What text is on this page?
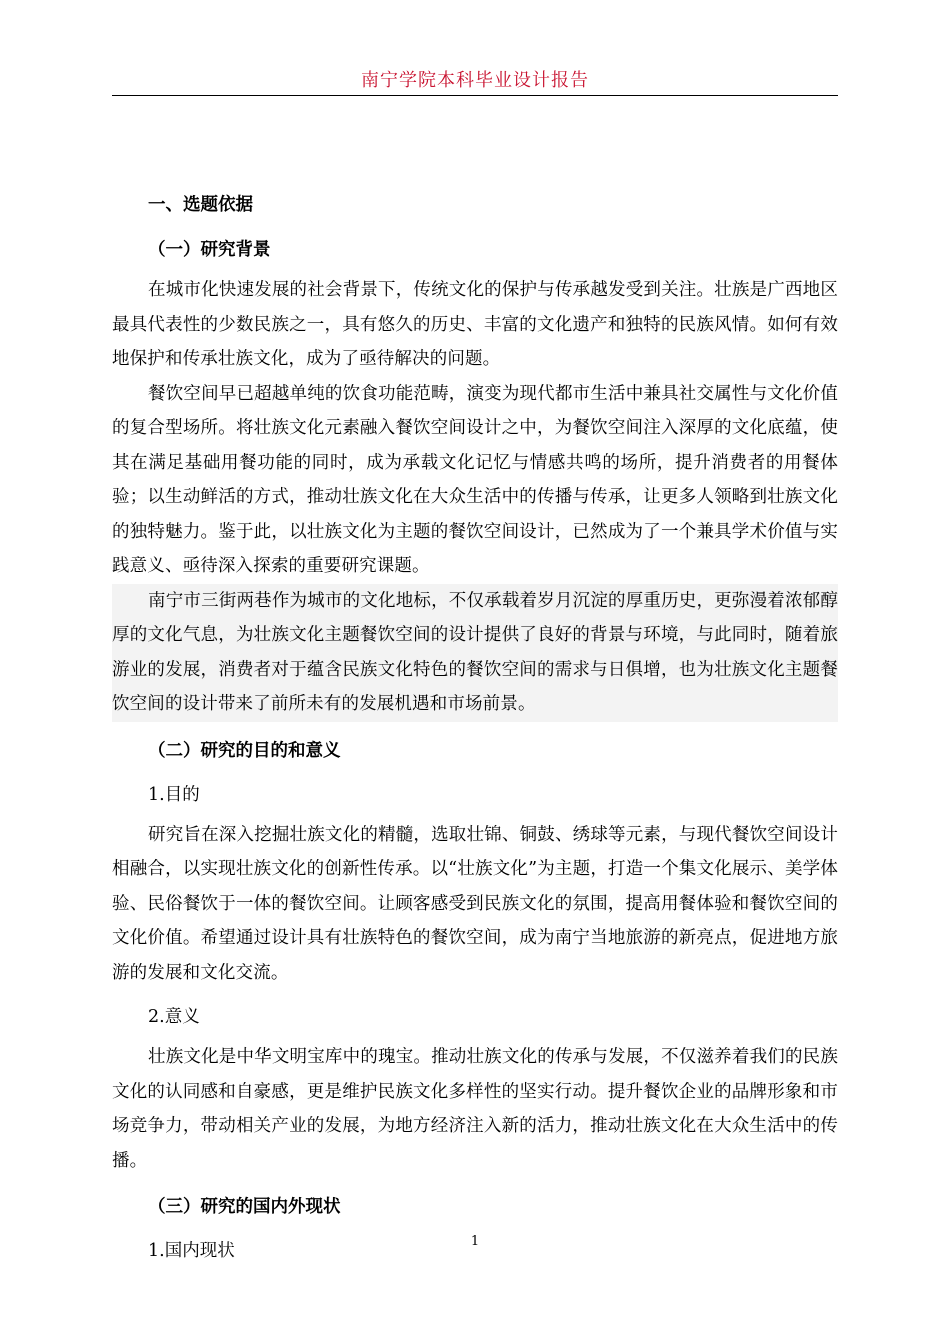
南宁学院本科毕业设计报告
一、选题依据
（一）研究背景

在城市化快速发展的社会背景下，传统文化的保护与传承越发受到关注。壮族是广西地区最具代表性的少数民族之一，具有悠久的历史、丰富的文化遗产和独特的民族风情。如何有效地保护和传承壮族文化，成为了亟待解决的问题。

餐饮空间早已超越单纯的饮食功能范畴，演变为现代都市生活中兼具社交属性与文化价值的复合型场所。将壮族文化元素融入餐饮空间设计之中，为餐饮空间注入深厚的文化底蕴，使其在满足基础用餐功能的同时，成为承载文化记忆与情感共鸣的场所，提升消费者的用餐体验；以生动鲜活的方式，推动壮族文化在大众生活中的传播与传承，让更多人领略到壮族文化的独特魅力。鉴于此，以壮族文化为主题的餐饮空间设计，已然成为了一个兼具学术价值与实践意义、亟待深入探索的重要研究课题。

南宁市三街两巷作为城市的文化地标，不仅承载着岁月沉淀的厚重历史，更弥漫着浓郁醇厚的文化气息，为壮族文化主题餐饮空间的设计提供了良好的背景与环境，与此同时，随着旅游业的发展，消费者对于蕴含民族文化特色的餐饮空间的需求与日俱增，也为壮族文化主题餐饮空间的设计带来了前所未有的发展机遇和市场前景。

（二）研究的目的和意义
1.目的

研究旨在深入挖掘壮族文化的精髓，选取壮锦、铜鼓、绣球等元素，与现代餐饮空间设计相融合，以实现壮族文化的创新性传承。以“壮族文化”为主题，打造一个集文化展示、美学体验、民俗餐饮于一体的餐饮空间。让顾客感受到民族文化的氛围，提高用餐体验和餐饮空间的文化价值。希望通过设计具有壮族特色的餐饮空间，成为南宁当地旅游的新亮点，促进地方旅游的发展和文化交流。

2.意义

壮族文化是中华文明宝库中的瑰宝。推动壮族文化的传承与发展，不仅滋养着我们的民族文化的认同感和自豪感，更是维护民族文化多样性的坚实行动。提升餐饮企业的品牌形象和市场竞争力，带动相关产业的发展，为地方经济注入新的活力，推动壮族文化在大众生活中的传播。

（三）研究的国内外现状
1.国内现状	1
